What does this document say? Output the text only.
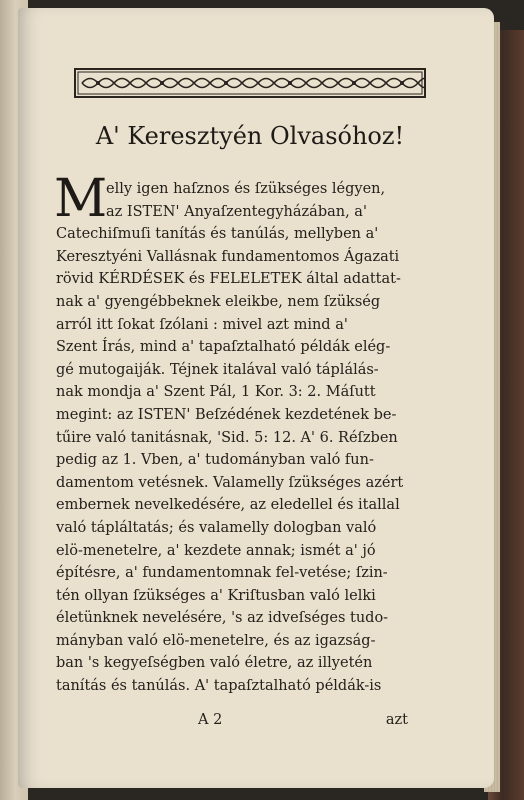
A' Keresztyén Olvasóhoz!
M
elly igen haſznos és ſzükséges légyen,
az ISTEN' Anyaſzentegyházában, a'
Catechiſmuſi tanítás és tanúlás, mellyben a'
Keresztyéni Vallásnak fundamentomos Ágazati
rövid KÉRDÉSEK és FELELETEK által adattat-
nak a' gyengébbeknek eleikbe, nem ſzükség
arról itt ſokat ſzólani : mivel azt mind a'
Szent Írás, mind a' tapaſztalható példák elég-
gé mutogaiják. Téjnek italával való táplálás-
nak mondja a' Szent Pál, 1 Kor. 3: 2. Máſutt
megint: az ISTEN' Beſzédének kezdetének be-
tűire való tanitásnak, 'Sid. 5: 12. A' 6. Réſzben
pedig az 1. Vben, a' tudományban való fun-
damentom vetésnek. Valamelly ſzükséges azért
embernek nevelkedésére, az eledellel és itallal
való tápláltatás; és valamelly dologban való
elö-menetelre, a' kezdete annak; ismét a' jó
építésre, a' fundamentomnak fel-vetése; ſzin-
tén ollyan ſzükséges a' Kriſtusban való lelki
életünknek nevelésére, 's az idveſséges tudo-
mányban való elö-menetelre, és az igazság-
ban 's kegyeſségben való életre, az illyetén
tanítás és tanúlás. A' tapaſztalható példák-is
A 2	azt
